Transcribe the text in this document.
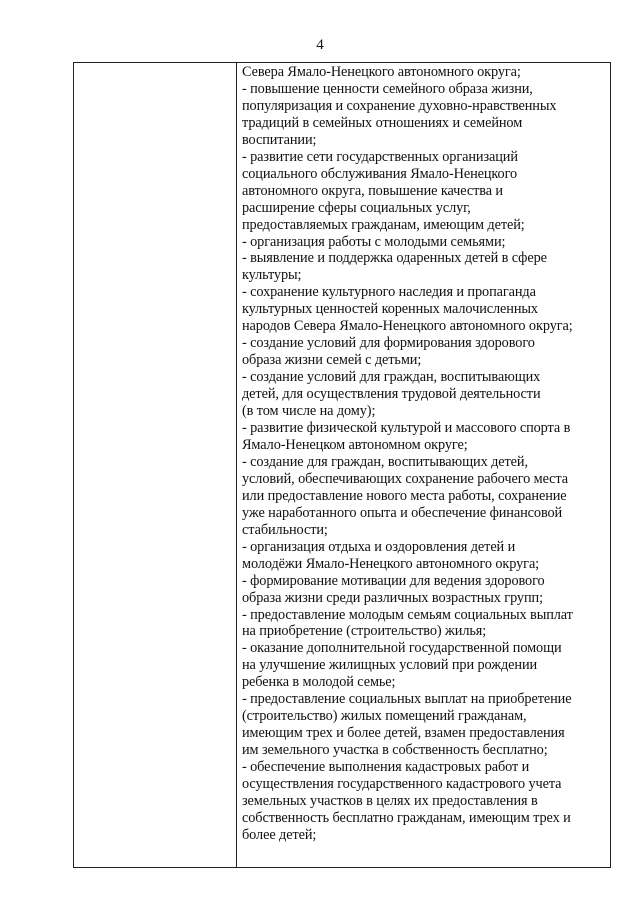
4
Севера Ямало-Ненецкого автономного округа;
- повышение ценности семейного образа жизни,
популяризация и сохранение духовно-нравственных
традиций в семейных отношениях и семейном
воспитании;
- развитие сети государственных организаций
социального обслуживания Ямало-Ненецкого
автономного округа, повышение качества и
расширение сферы социальных услуг,
предоставляемых гражданам, имеющим детей;
- организация работы с молодыми семьями;
- выявление и поддержка одаренных детей в сфере
культуры;
- сохранение культурного наследия и пропаганда
культурных ценностей коренных малочисленных
народов Севера Ямало-Ненецкого автономного округа;
- создание условий для формирования здорового
образа жизни семей с детьми;
- создание условий для граждан, воспитывающих
детей, для осуществления трудовой деятельности
(в том числе на дому);
- развитие физической культурой и массового спорта в
Ямало-Ненецком автономном округе;
- создание для граждан, воспитывающих детей,
условий, обеспечивающих сохранение рабочего места
или предоставление нового места работы, сохранение
уже наработанного опыта и обеспечение финансовой
стабильности;
- организация отдыха и оздоровления детей и
молодёжи Ямало-Ненецкого автономного округа;
- формирование мотивации для ведения здорового
образа жизни среди различных возрастных групп;
- предоставление молодым семьям социальных выплат
на приобретение (строительство) жилья;
- оказание дополнительной государственной помощи
на улучшение жилищных условий при рождении
ребенка в молодой семье;
- предоставление социальных выплат на приобретение
(строительство) жилых помещений гражданам,
имеющим трех и более детей, взамен предоставления
им земельного участка в собственность бесплатно;
- обеспечение выполнения кадастровых работ и
осуществления государственного кадастрового учета
земельных участков в целях их предоставления в
собственность бесплатно гражданам, имеющим трех и
более детей;
